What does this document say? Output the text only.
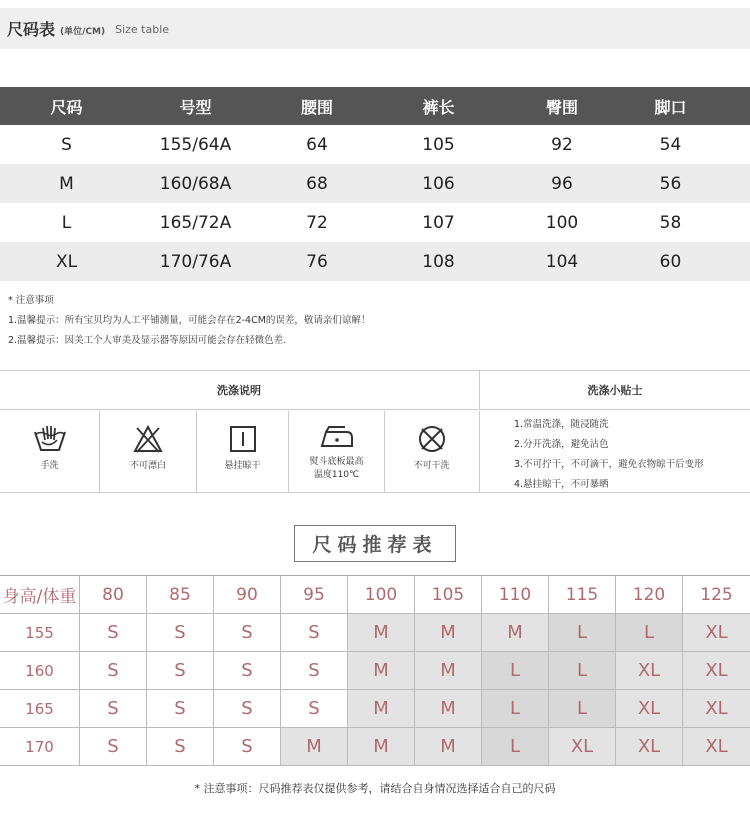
尺码表 (单位/CM) Size table
尺码	号型	腰围	裤长	臀围	脚口
S	155/64A	64	105	92	54
M	160/68A	68	106	96	56
L	165/72A	72	107	100	58
XL	170/76A	76	108	104	60
* 注意事项
1.温馨提示：所有宝贝均为人工平铺测量，可能会存在2-4CM的误差，敬请亲们谅解！
2.温馨提示：因美工个人审美及显示器等原因可能会存在轻微色差.
洗涤说明	洗涤小贴士
手洗	不可漂白	悬挂晾干	熨斗底板最高
温度110℃
不可干洗
1.常温洗涤，随浸随洗
2.分开洗涤，避免沾色
3.不可拧干，不可滴干，避免衣物晾干后变形
4.悬挂晾干，不可暴晒
尺码推荐表
身高/体重	80	85	90	95	100	105	110	115	120	125
155	S	S	S	S	M	M	M	L	L	XL
160	S	S	S	S	M	M	L	L	XL	XL
165	S	S	S	S	M	M	L	L	XL	XL
170	S	S	S	M	M	M	L	XL	XL	XL
* 注意事项：尺码推荐表仅提供参考，请结合自身情况选择适合自己的尺码
